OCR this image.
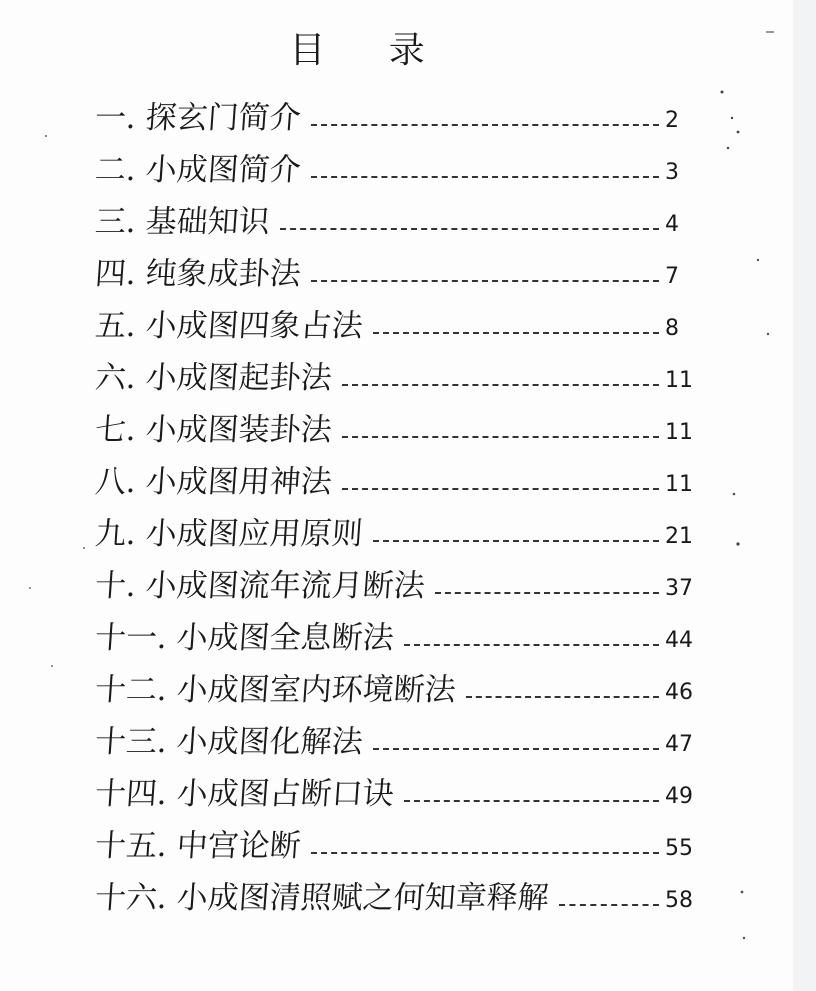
目 录
一. 探玄门简介	2
二. 小成图简介	3
三. 基础知识	4
四. 纯象成卦法	7
五. 小成图四象占法	8
六. 小成图起卦法	11
七. 小成图装卦法	11
八. 小成图用神法	11
九. 小成图应用原则	21
十. 小成图流年流月断法	37
十一. 小成图全息断法	44
十二. 小成图室内环境断法	46
十三. 小成图化解法	47
十四. 小成图占断口诀	49
十五. 中宫论断	55
十六. 小成图清照赋之何知章释解	58
